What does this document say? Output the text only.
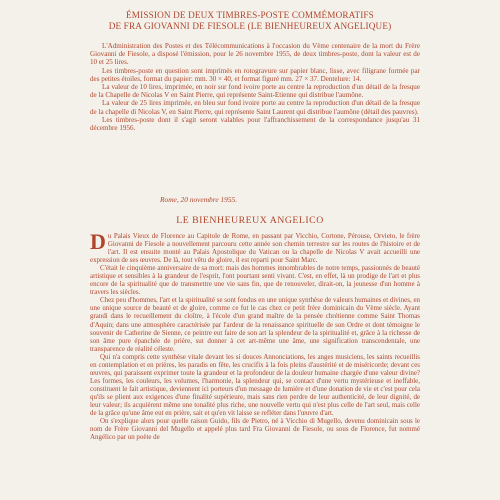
ÉMISSION DE DEUX TIMBRES-POSTE COMMÉMORATIFS
DE FRA GIOVANNI DE FIESOLE (LE BIENHEUREUX ANGELIQUE)

L'Administration des Postes et des Télécommunications à l'occasion du Vème centenaire de la mort du Frère Giovanni de Fiesole, a disposé l'émission, pour le 26 novembre 1955, de deux timbres-poste, dont la valeur est de 10 et 25 lires.

Les timbres-poste en question sont imprimés en rotogravure sur papier blanc, lisse, avec filigrane formée par des petites étoiles, format du papier: mm. 30 × 40, et format figuré mm. 27 × 37. Dentelure: 14.

La valeur de 10 lires, imprimée, en noir sur fond ivoire porte au centre la reproduction d'un détail de la fresque de la Chapelle de Nicolas V en Saint Pierre, qui représente Saint-Etienne qui distribue l'aumône.

La valeur de 25 lires imprimée, en bleu sur fond ivoire porte au centre la reproduction d'un détail de la fresque de la chapelle di Nicolas V, en Saint Pierre, qui représente Saint Laurent qui distribue l'aumône (détail des pauvres).

Les timbres-poste dont il s'agit seront valables pour l'affranchissement de la correspondance jusqu'au 31 décembre 1956.

Rome, 20 novembre 1955.
LE BIENHEUREUX ANGELICO

Du Palais Vieux de Florence au Capitole de Rome, en passant par Vicchio, Cortone, Pérouse, Orvieto, le frère Giovanni de Fiesole a nouvellement parcouru cette année son chemin terrestre sur les routes de l'histoire et de l'art. Il est ensuite monté au Palais Apostolique du Vatican ou la chapelle de Nicolas V avait accueilli une expression de ses œuvres. De là, tout vêtu de gloire, il est reparti pour Saint Marc.

C'était le cinquième anniversaire de sa mort: mais des hommes innombrables de notre temps, passionnés de beauté artistique et sensibles à la grandeur de l'esprit, l'ont pourtant senti vivant. C'est, en effet, là un prodige de l'art et plus encore de la spiritualité que de transmettre une vie sans fin, que de renouveler, dirait-on, la jeunesse d'un homme à travers les siècles.

Chez peu d'hommes, l'art et la spiritualité se sont fondus en une unique synthèse de valeurs humaines et divines, en une unique source de beauté et de gloire, comme ce fut le cas chez ce petit frère dominicain du Vème siècle. Ayant grandi dans le recueillement du cloître, à l'école d'un grand maître de la pensée chrétienne comme Saint Thomas d'Aquin; dans une atmosphère caractérisée par l'ardeur de la renaissance spirituelle de son Ordre et dont témoigne le souvenir de Catherine de Sienne, ce peintre eut faire de son art la splendeur de la spiritualité et, grâce à la richesse de son âme pure épanchée de prière, sut donner à cet art-même une âme, une signification transcendentale, une transparence de réalité céleste.

Qui n'a compris cette synthèse vitale devant les si douces Annonciations, les anges musiciens, les saints recueillis en contemplation et en prières, les paradis en fête, les crucifix à la fois pleins d'austérité et de miséricorde; devant ces œuvres, qui paraissent exprimer toute la grandeur et la profondeur de la douleur humaine chargée d'une valeur divine? Les formes, les couleurs, les volumes, l'harmonie, la splendeur qui, se contact d'une vertu mystérieuse et ineffable, constituent le fait artistique, deviennent ici porteurs d'un message de lumière et d'une donation de vie et c'est pour cela qu'ils se plient aux exigences d'une finalité supérieure, mais sans rien perdre de leur authenticité, de leur dignité, de leur valeur; ils acquièrent même une tonalité plus riche, une nouvelle vertu qui n'est plus celle de l'art seul, mais celle de la grâce qu'une âme eut en prière, sait et qu'en vit laisse se refléter dans l'œuvre d'art.

On s'explique alors pour quelle raison Guido, fils de Pietro, né à Vicchio di Mugello, devenu dominicain sous le nom de Frère Giovanni del Mugello et appelé plus tard Fra Giovanni de Fiesole, ou sous de Florence, fut nommé Angélico par un poète de
